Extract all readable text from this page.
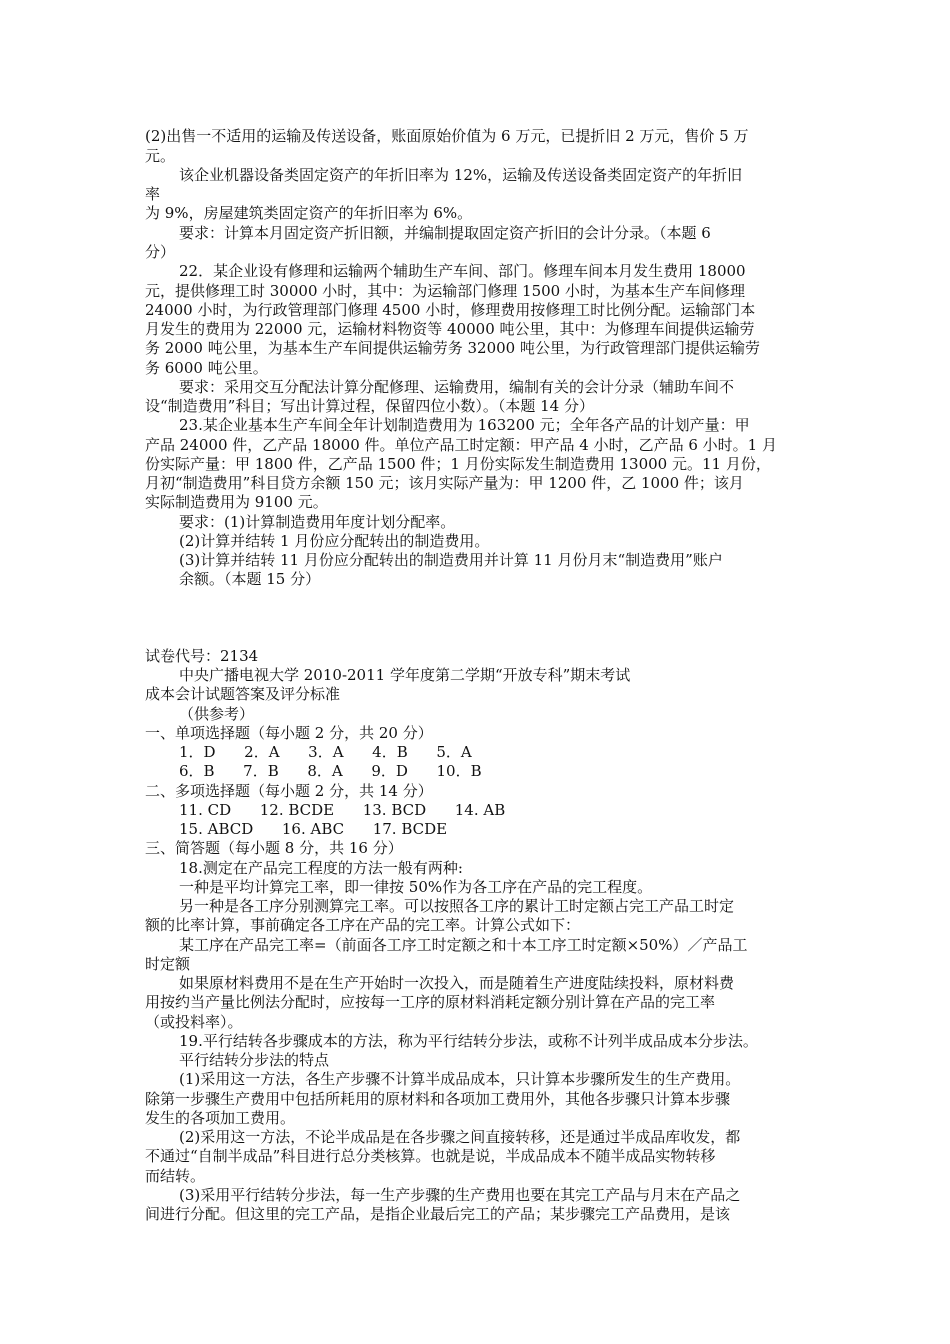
(2)出售一不适用的运输及传送设备，账面原始价值为 6 万元，已提折旧 2 万元，售价 5 万
元。
该企业机器设备类固定资产的年折旧率为 12%，运输及传送设备类固定资产的年折旧
率
为 9%，房屋建筑类固定资产的年折旧率为 6%。
要求：计算本月固定资产折旧额，并编制提取固定资产折旧的会计分录。（本题 6
分）
22．某企业设有修理和运输两个辅助生产车间、部门。修理车间本月发生费用 18000
元，提供修理工时 30000 小时，其中：为运输部门修理 1500 小时，为基本生产车间修理
24000 小时，为行政管理部门修理 4500 小时，修理费用按修理工时比例分配。运输部门本
月发生的费用为 22000 元，运输材料物资等 40000 吨公里，其中：为修理车间提供运输劳
务 2000 吨公里，为基本生产车间提供运输劳务 32000 吨公里，为行政管理部门提供运输劳
务 6000 吨公里。
要求：采用交互分配法计算分配修理、运输费用，编制有关的会计分录（辅助车间不
设“制造费用”科目；写出计算过程，保留四位小数）。（本题 14 分）
23.某企业基本生产车间全年计划制造费用为 163200 元；全年各产品的计划产量：甲
产品 24000 件，乙产品 18000 件。单位产品工时定额：甲产品 4 小时，乙产品 6 小时。1 月
份实际产量：甲 1800 件，乙产品 1500 件；1 月份实际发生制造费用 13000 元。11 月份，
月初“制造费用”科目贷方余额 150 元；该月实际产量为：甲 1200 件，乙 1000 件；该月
实际制造费用为 9100 元。
要求：(1)计算制造费用年度计划分配率。
(2)计算并结转 1 月份应分配转出的制造费用。
(3)计算并结转 11 月份应分配转出的制造费用并计算 11 月份月末“制造费用”账户
余额。（本题 15 分）
试卷代号：2134
中央广播电视大学 2010-2011 学年度第二学期“开放专科”期末考试
成本会计试题答案及评分标准
（供参考）
一、单项选择题（每小题 2 分，共 20 分）
1．D      2．A      3．A      4．B      5．A
6．B      7．B      8．A      9．D      10．B
二、多项选择题（每小题 2 分，共 14 分）
11. CD      12. BCDE      13. BCD      14. AB
15. ABCD      16. ABC      17. BCDE
三、简答题（每小题 8 分，共 16 分）
18.测定在产品完工程度的方法一般有两种:
一种是平均计算完工率，即一律按 50%作为各工序在产品的完工程度。
另一种是各工序分别测算完工率。可以按照各工序的累计工时定额占完工产品工时定
额的比率计算，事前确定各工序在产品的完工率。计算公式如下：
某工序在产品完工率=（前面各工序工时定额之和十本工序工时定额×50%）／产品工
时定额
如果原材料费用不是在生产开始时一次投入，而是随着生产进度陆续投料，原材料费
用按约当产量比例法分配时，应按每一工序的原材料消耗定额分别计算在产品的完工率
（或投料率）。
19.平行结转各步骤成本的方法，称为平行结转分步法，或称不计列半成品成本分步法。
平行结转分步法的特点
(1)采用这一方法，各生产步骤不计算半成品成本，只计算本步骤所发生的生产费用。
除第一步骤生产费用中包括所耗用的原材料和各项加工费用外，其他各步骤只计算本步骤
发生的各项加工费用。
(2)采用这一方法，不论半成品是在各步骤之间直接转移，还是通过半成品库收发，都
不通过“自制半成品”科目进行总分类核算。也就是说，半成品成本不随半成品实物转移
而结转。
(3)采用平行结转分步法，每一生产步骤的生产费用也要在其完工产品与月末在产品之
间进行分配。但这里的完工产品，是指企业最后完工的产品；某步骤完工产品费用，是该
